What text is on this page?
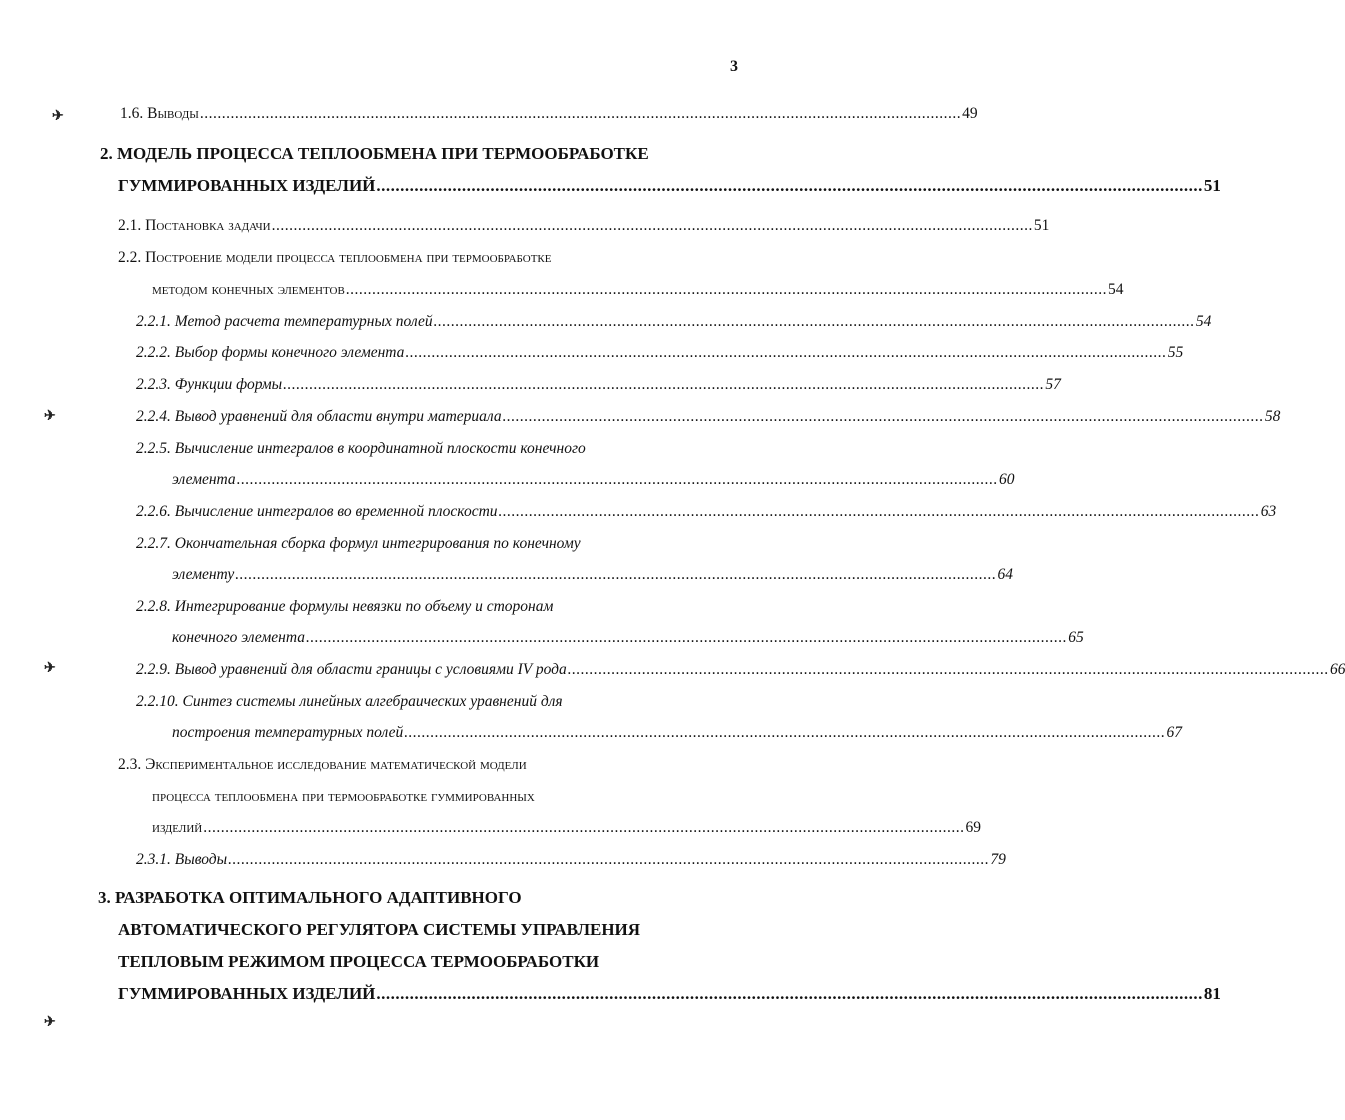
3
✈
✈
✈
✈
1.6. Выводы .............................................................................................................................................................................. 49
2. МОДЕЛЬ ПРОЦЕССА ТЕПЛООБМЕНА ПРИ ТЕРМООБРАБОТКЕ
ГУММИРОВАННЫХ ИЗДЕЛИЙ .............................................................................................................................................................................. 51
2.1. Постановка задачи .............................................................................................................................................................................. 51
2.2. Построение модели процесса теплообмена при термообработке
методом конечных элементов .............................................................................................................................................................................. 54
2.2.1. Метод расчета температурных полей .............................................................................................................................................................................. 54
2.2.2. Выбор формы конечного элемента .............................................................................................................................................................................. 55
2.2.3. Функции формы .............................................................................................................................................................................. 57
2.2.4. Вывод уравнений для области внутри материала .............................................................................................................................................................................. 58
2.2.5. Вычисление интегралов в координатной плоскости конечного
элемента .............................................................................................................................................................................. 60
2.2.6. Вычисление интегралов во временной плоскости .............................................................................................................................................................................. 63
2.2.7. Окончательная сборка формул интегрирования по конечному
элементу .............................................................................................................................................................................. 64
2.2.8. Интегрирование формулы невязки по объему и сторонам
конечного элемента .............................................................................................................................................................................. 65
2.2.9. Вывод уравнений для области границы с условиями IV рода .............................................................................................................................................................................. 66
2.2.10. Синтез системы линейных алгебраических уравнений для
построения температурных полей .............................................................................................................................................................................. 67
2.3. Экспериментальное исследование математической модели
процесса теплообмена при термообработке гуммированных
изделий .............................................................................................................................................................................. 69
2.3.1. Выводы .............................................................................................................................................................................. 79
3. РАЗРАБОТКА ОПТИМАЛЬНОГО АДАПТИВНОГО
АВТОМАТИЧЕСКОГО РЕГУЛЯТОРА СИСТЕМЫ УПРАВЛЕНИЯ
ТЕПЛОВЫМ РЕЖИМОМ ПРОЦЕССА ТЕРМООБРАБОТКИ
ГУММИРОВАННЫХ ИЗДЕЛИЙ .............................................................................................................................................................................. 81
